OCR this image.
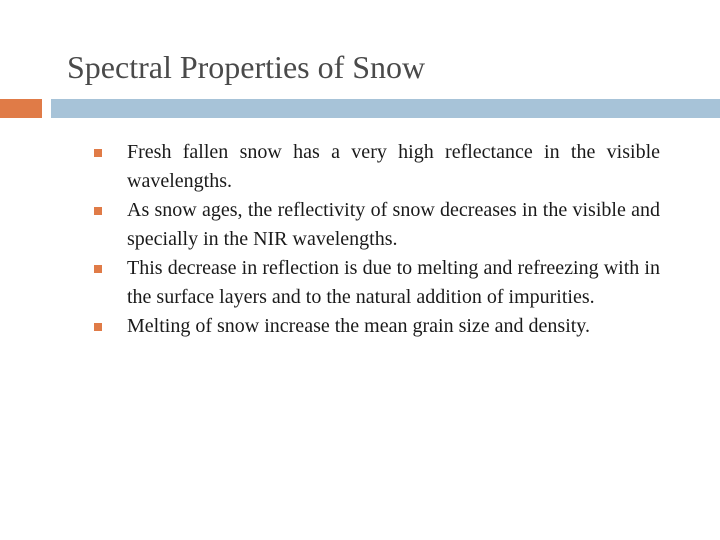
Spectral Properties of Snow
Fresh fallen snow has a very high reflectance in the visible wavelengths.
As snow ages, the reflectivity of snow decreases in the visible and specially in the NIR wavelengths.
This decrease in reflection is due to melting and refreezing with in the surface layers and to the natural addition of impurities.
Melting of snow increase the mean grain size and density.
